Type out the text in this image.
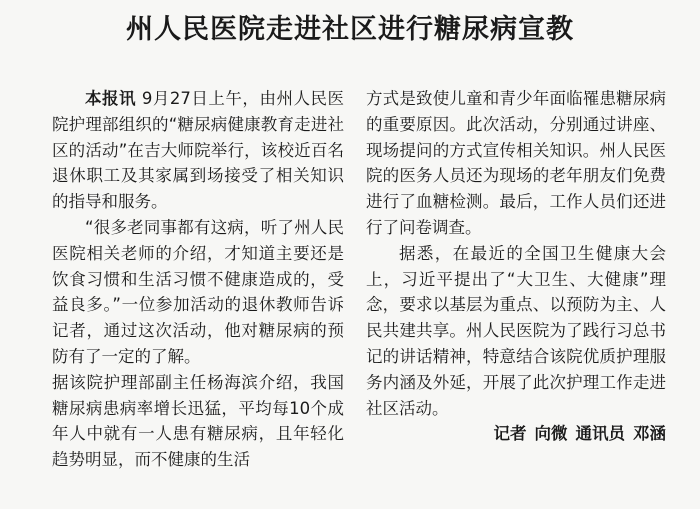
州人民医院走进社区进行糖尿病宣教

本报讯 9月27日上午，由州人民医院护理部组织的“糖尿病健康教育走进社区的活动”在吉大师院举行，该校近百名退休职工及其家属到场接受了相关知识的指导和服务。

“很多老同事都有这病，听了州人民医院相关老师的介绍，才知道主要还是饮食习惯和生活习惯不健康造成的，受益良多。”一位参加活动的退休教师告诉记者，通过这次活动，他对糖尿病的预防有了一定的了解。

据该院护理部副主任杨海滨介绍，我国糖尿病患病率增长迅猛，平均每10个成年人中就有一人患有糖尿病，且年轻化趋势明显，而不健康的生活

方式是致使儿童和青少年面临罹患糖尿病的重要原因。此次活动，分别通过讲座、现场提问的方式宣传相关知识。州人民医院的医务人员还为现场的老年朋友们免费进行了血糖检测。最后，工作人员们还进行了问卷调查。

据悉，在最近的全国卫生健康大会上，习近平提出了“大卫生、大健康”理念，要求以基层为重点、以预防为主、人民共建共享。州人民医院为了践行习总书记的讲话精神，特意结合该院优质护理服务内涵及外延，开展了此次护理工作走进社区活动。

记者 向微 通讯员 邓涵
